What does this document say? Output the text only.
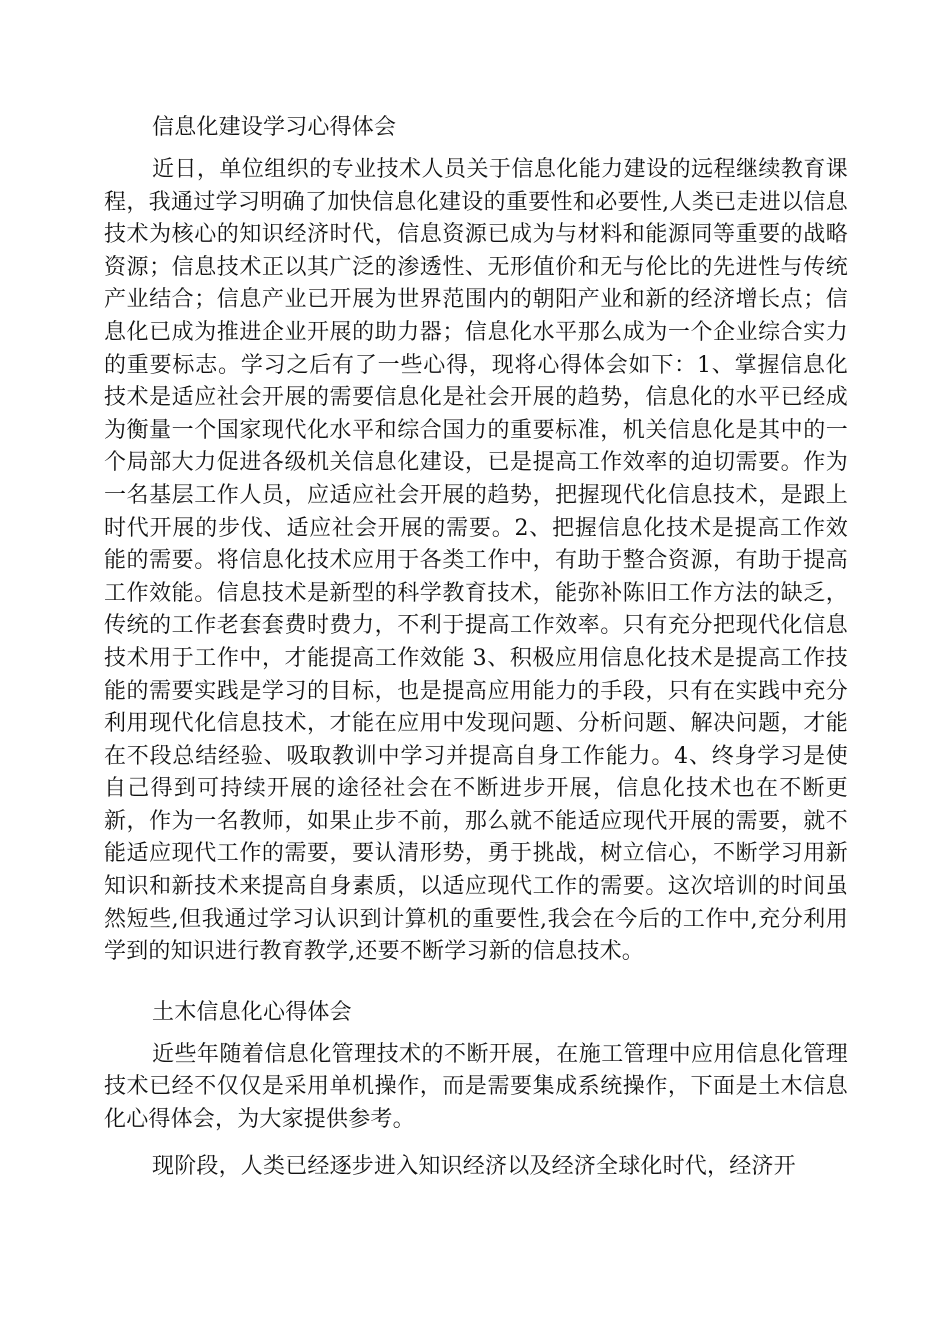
信息化建设学习心得体会

近日，单位组织的专业技术人员关于信息化能力建设的远程继续教育课程，我通过学习明确了加快信息化建设的重要性和必要性,人类已走进以信息技术为核心的知识经济时代，信息资源已成为与材料和能源同等重要的战略资源；信息技术正以其广泛的渗透性、无形值价和无与伦比的先进性与传统产业结合；信息产业已开展为世界范围内的朝阳产业和新的经济增长点；信息化已成为推进企业开展的助力器；信息化水平那么成为一个企业综合实力的重要标志。学习之后有了一些心得，现将心得体会如下：1、掌握信息化技术是适应社会开展的需要信息化是社会开展的趋势，信息化的水平已经成为衡量一个国家现代化水平和综合国力的重要标准，机关信息化是其中的一个局部大力促进各级机关信息化建设，已是提高工作效率的迫切需要。作为一名基层工作人员，应适应社会开展的趋势，把握现代化信息技术，是跟上时代开展的步伐、适应社会开展的需要。2、把握信息化技术是提高工作效能的需要。将信息化技术应用于各类工作中，有助于整合资源，有助于提高工作效能。信息技术是新型的科学教育技术，能弥补陈旧工作方法的缺乏，传统的工作老套套费时费力，不利于提高工作效率。只有充分把现代化信息技术用于工作中，才能提高工作效能 3、积极应用信息化技术是提高工作技能的需要实践是学习的目标，也是提高应用能力的手段，只有在实践中充分利用现代化信息技术，才能在应用中发现问题、分析问题、解决问题，才能在不段总结经验、吸取教训中学习并提高自身工作能力。4、终身学习是使自己得到可持续开展的途径社会在不断进步开展，信息化技术也在不断更新，作为一名教师，如果止步不前，那么就不能适应现代开展的需要，就不能适应现代工作的需要，要认清形势，勇于挑战，树立信心，不断学习用新知识和新技术来提高自身素质，以适应现代工作的需要。这次培训的时间虽然短些,但我通过学习认识到计算机的重要性,我会在今后的工作中,充分利用学到的知识进行教育教学,还要不断学习新的信息技术。

土木信息化心得体会

近些年随着信息化管理技术的不断开展，在施工管理中应用信息化管理技术已经不仅仅是采用单机操作，而是需要集成系统操作，下面是土木信息化心得体会，为大家提供参考。

现阶段，人类已经逐步进入知识经济以及经济全球化时代，经济开
